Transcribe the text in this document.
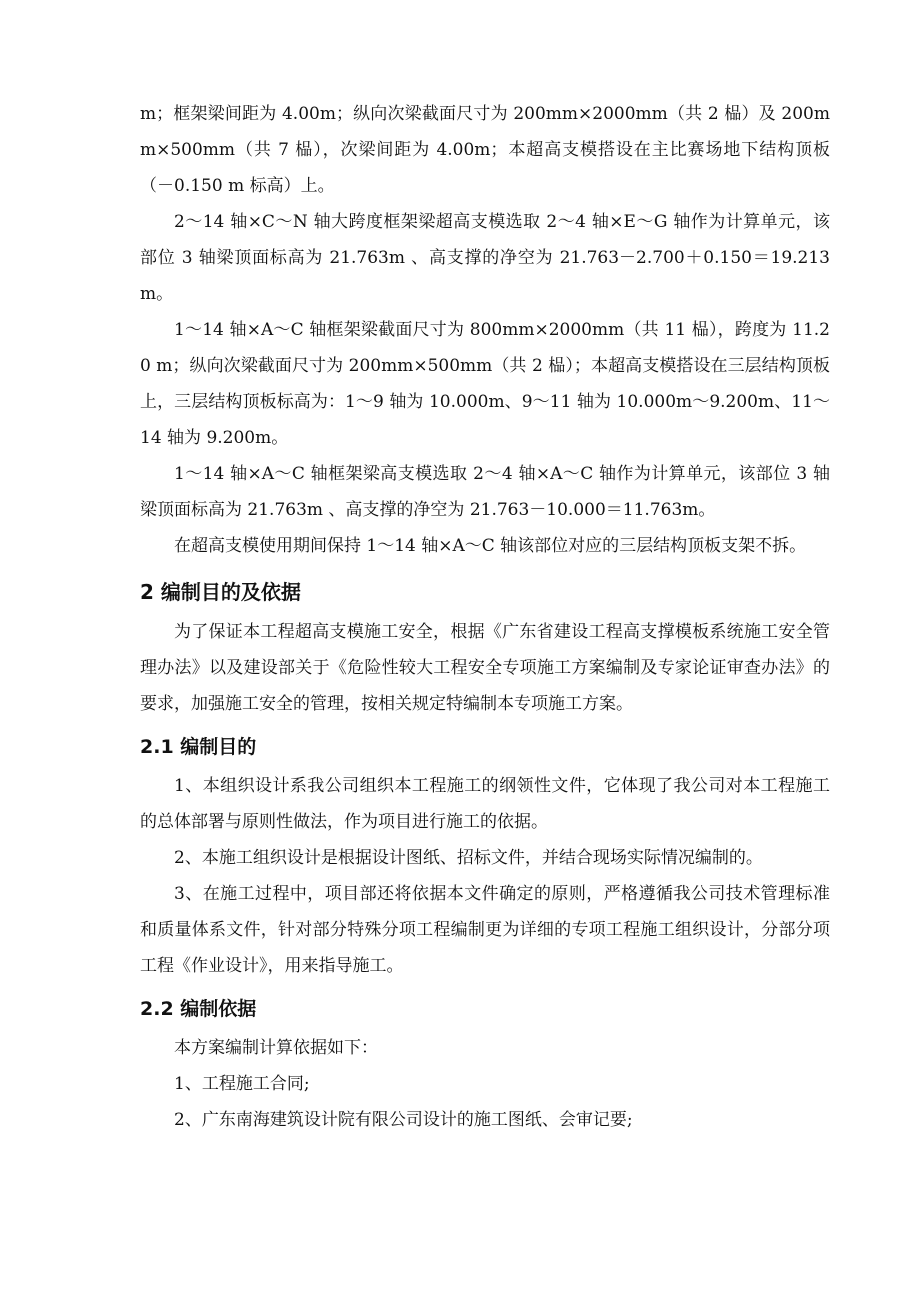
m；框架梁间距为 4.00m；纵向次梁截面尺寸为 200mm×2000mm（共 2 榀）及 200mm×500mm（共 7 榀），次梁间距为 4.00m；本超高支模搭设在主比赛场地下结构顶板（－0.150 m 标高）上。

2～14 轴×C～N 轴大跨度框架梁超高支模选取 2～4 轴×E～G 轴作为计算单元，该部位 3 轴梁顶面标高为 21.763m 、高支撑的净空为 21.763－2.700＋0.150＝19.213m。

1～14 轴×A～C 轴框架梁截面尺寸为 800mm×2000mm（共 11 榀），跨度为 11.20 m；纵向次梁截面尺寸为 200mm×500mm（共 2 榀）；本超高支模搭设在三层结构顶板上，三层结构顶板标高为：1～9 轴为 10.000m、9～11 轴为 10.000m～9.200m、11～14 轴为 9.200m。

1～14 轴×A～C 轴框架梁高支模选取 2～4 轴×A～C 轴作为计算单元，该部位 3 轴梁顶面标高为 21.763m 、高支撑的净空为 21.763－10.000＝11.763m。

在超高支模使用期间保持 1～14 轴×A～C 轴该部位对应的三层结构顶板支架不拆。

2 编制目的及依据

为了保证本工程超高支模施工安全，根据《广东省建设工程高支撑模板系统施工安全管理办法》以及建设部关于《危险性较大工程安全专项施工方案编制及专家论证审查办法》的要求，加强施工安全的管理，按相关规定特编制本专项施工方案。

2.1 编制目的

1、本组织设计系我公司组织本工程施工的纲领性文件，它体现了我公司对本工程施工的总体部署与原则性做法，作为项目进行施工的依据。

2、本施工组织设计是根据设计图纸、招标文件，并结合现场实际情况编制的。

3、在施工过程中，项目部还将依据本文件确定的原则，严格遵循我公司技术管理标准和质量体系文件，针对部分特殊分项工程编制更为详细的专项工程施工组织设计，分部分项工程《作业设计》，用来指导施工。

2.2 编制依据

本方案编制计算依据如下：

1、工程施工合同;

2、广东南海建筑设计院有限公司设计的施工图纸、会审记要;
